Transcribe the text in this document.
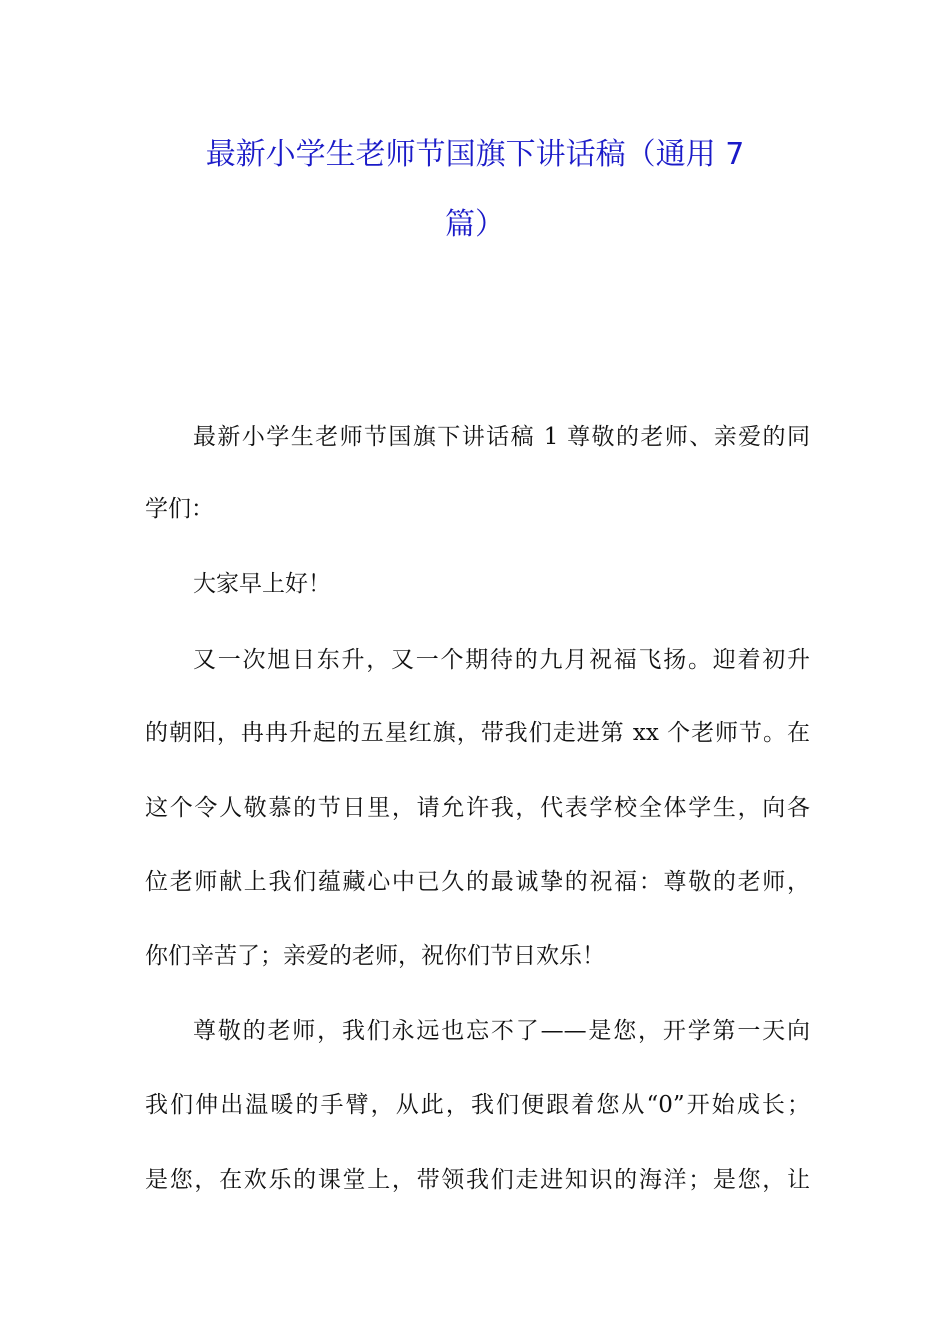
最新小学生老师节国旗下讲话稿（通用 7
篇）
最新小学生老师节国旗下讲话稿 1 尊敬的老师、亲爱的同
学们：
大家早上好！
又一次旭日东升，又一个期待的九月祝福飞扬。迎着初升
的朝阳，冉冉升起的五星红旗，带我们走进第 xx 个老师节。在
这个令人敬慕的节日里，请允许我，代表学校全体学生，向各
位老师献上我们蕴藏心中已久的最诚挚的祝福：尊敬的老师，
你们辛苦了；亲爱的老师，祝你们节日欢乐！
尊敬的老师，我们永远也忘不了——是您，开学第一天向
我们伸出温暖的手臂，从此，我们便跟着您从“0”开始成长；
是您，在欢乐的课堂上，带领我们走进知识的海洋；是您，让
